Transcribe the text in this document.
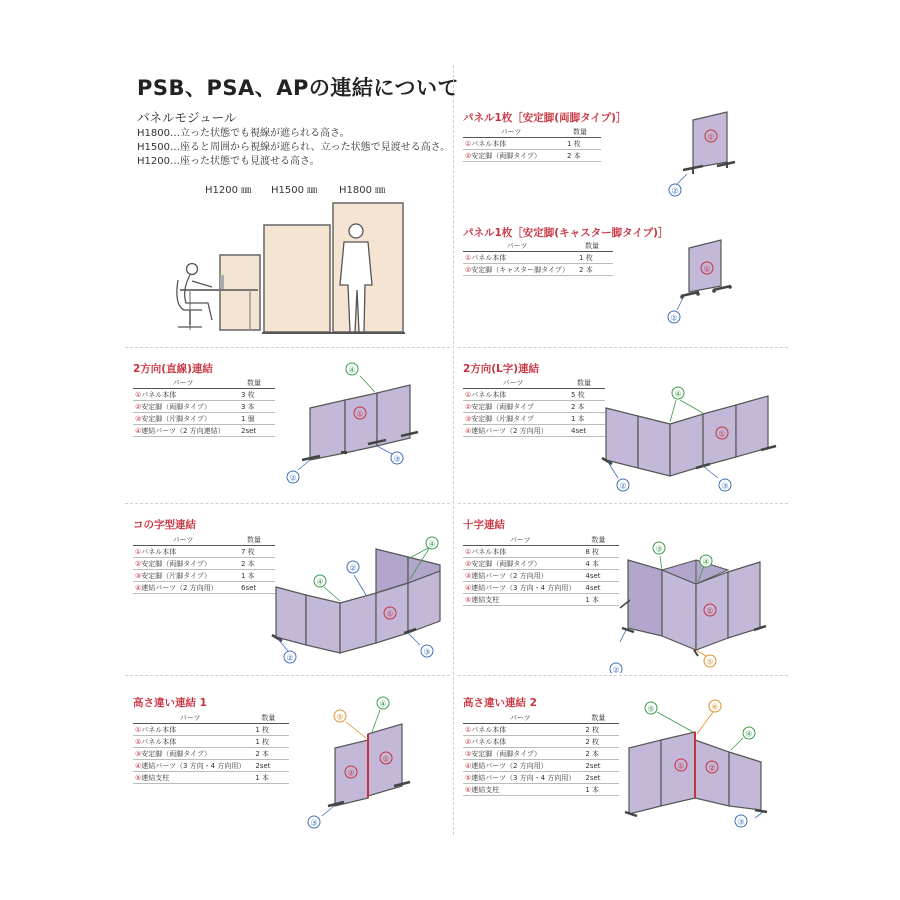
PSB、PSA、APの連結について
パネルモジュール
H1800…立った状態でも視線が遮られる高さ。
H1500…座ると周囲から視線が遮られ、立った状態で見渡せる高さ。
H1200…座った状態でも見渡せる高さ。
H1200 ㎜ H1500 ㎜ H1800 ㎜
パネル1枚［安定脚(両脚タイプ)］
パネル1枚［安定脚(キャスター脚タイプ)］
2方向(直線)連結	2方向(L字)連結
コの字型連結	十字連結
高さ違い連結 1	高さ違い連結 2
パーツ	数量
①パネル本体	1 枚
②安定脚（両脚タイプ）	2 本
パーツ	数量
①パネル本体	1 枚
②安定脚（キャスター脚タイプ）	2 本
パーツ	数量
①パネル本体	3 枚
②安定脚（両脚タイプ）	3 本
③安定脚（片脚タイプ）	1 個
④連結パーツ（2 方向連結）	2set
パーツ	数量
①パネル本体	5 枚
②安定脚（両脚タイプ	2 本
③安定脚（片脚タイプ	1 本
④連結パーツ（2 方向用）	4set
パーツ	数量
①パネル本体	7 枚
②安定脚（両脚タイプ）	2 本
③安定脚（片脚タイプ）	1 本
④連結パーツ（2 方向用）	6set
パーツ	数量
①パネル本体	8 枚
②安定脚（両脚タイプ）	4 本
③連結パーツ（2 方向用）	4set
④連結パーツ（3 方向・4 方向用）	4set
⑤連結支柱	1 本
パーツ	数量
①パネル本体	1 枚
②パネル本体	1 枚
③安定脚（両脚タイプ）	2 本
④連結パーツ（3 方向・4 方向用）	2set
⑤連結支柱	1 本
パーツ	数量
①パネル本体	2 枚
②パネル本体	2 枚
③安定脚（両脚タイプ）	2 本
④連結パーツ（2 方向用）	2set
⑤連結パーツ（3 方向・4 方向用）	2set
⑥連結支柱	1 本
①
②
①
②
①
②
③
④
①
②	③
④
①
②
③
②
④
④
①
②
③
④
⑤
①
②
③
④
⑤
①	②
③
④
⑤	⑥
